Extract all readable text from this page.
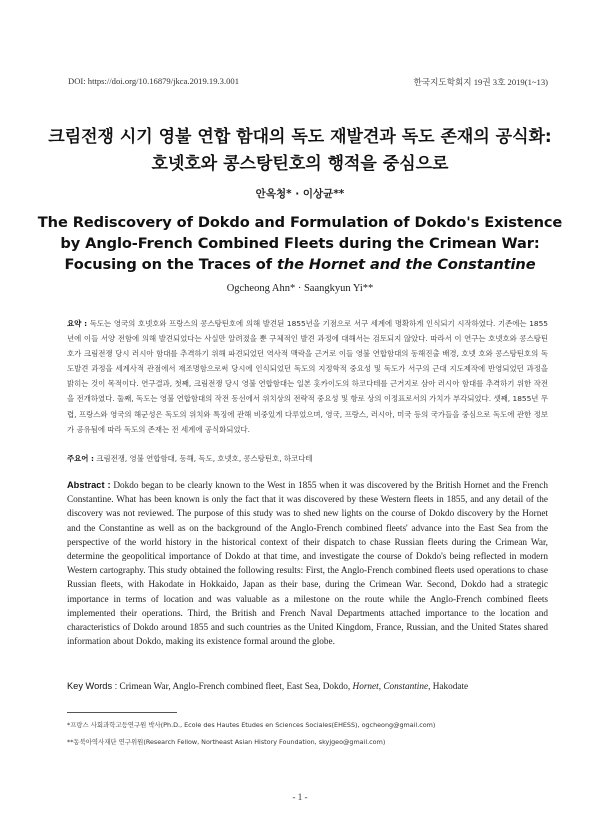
DOI: https://doi.org/10.16879/jkca.2019.19.3.001	한국지도학회지 19권 3호 2019(1~13)
크림전쟁 시기 영불 연합 함대의 독도 재발견과 독도 존재의 공식화:
호넷호와 콩스탕틴호의 행적을 중심으로
안옥청* · 이상균**
The Rediscovery of Dokdo and Formulation of Dokdo's Existence
by Anglo-French Combined Fleets during the Crimean War:
Focusing on the Traces of the Hornet and the Constantine
Ogcheong Ahn* · Saangkyun Yi**
요약 : 독도는 영국의 호넷호와 프랑스의 콩스탕틴호에 의해 발견된 1855년을 기점으로 서구 세계에 명확하게 인식되기 시작하였다. 기존에는 1855년에 이들 서양 전함에 의해 발견되었다는 사실만 알려졌을 뿐 구체적인 발견 과정에 대해서는 검토되지 않았다. 따라서 이 연구는 호넷호와 콩스탕틴호가 크림전쟁 당시 러시아 함대를 추격하기 위해 파견되었던 역사적 맥락을 근거로 이들 영불 연합함대의 동해진출 배경, 호넷 호와 콩스탕틴호의 독도발견 과정을 세계사적 관점에서 재조명함으로써 당시에 인식되었던 독도의 지정학적 중요성 및 독도가 서구의 근대 지도제작에 반영되었던 과정을 밝히는 것이 목적이다. 연구결과, 첫째, 크림전쟁 당시 영불 연합함대는 일본 홋카이도의 하코다테를 근거지로 삼아 러시아 함대를 추격하기 위한 작전을 전개하였다. 둘째, 독도는 영불 연합함대의 작전 동선에서 위치상의 전략적 중요성 및 항로 상의 이정표로서의 가치가 부각되었다. 셋째, 1855년 무렵, 프랑스와 영국의 해군성은 독도의 위치와 특징에 관해 비중있게 다루었으며, 영국, 프랑스, 러시아, 미국 등의 국가들을 중심으로 독도에 관한 정보가 공유됨에 따라 독도의 존재는 전 세계에 공식화되었다.
주요어 : 크림전쟁, 영불 연합함대, 동해, 독도, 호넷호, 콩스탕틴호, 하코다테
Abstract : Dokdo began to be clearly known to the West in 1855 when it was discovered by the British Hornet and the French Constantine. What has been known is only the fact that it was discovered by these Western fleets in 1855, and any detail of the discovery was not reviewed. The purpose of this study was to shed new lights on the course of Dokdo discovery by the Hornet and the Constantine as well as on the background of the Anglo-French combined fleets' advance into the East Sea from the perspective of the world history in the historical context of their dispatch to chase Russian fleets during the Crimean War, determine the geopolitical importance of Dokdo at that time, and investigate the course of Dokdo's being reflected in modern Western cartography. This study obtained the following results: First, the Anglo-French combined fleets used operations to chase Russian fleets, with Hakodate in Hokkaido, Japan as their base, during the Crimean War. Second, Dokdo had a strategic importance in terms of location and was valuable as a milestone on the route while the Anglo-French combined fleets implemented their operations. Third, the British and French Naval Departments attached importance to the location and characteristics of Dokdo around 1855 and such countries as the United Kingdom, France, Russian, and the United States shared information about Dokdo, making its existence formal around the globe.
Key Words : Crimean War, Anglo-French combined fleet, East Sea, Dokdo, Hornet, Constantine, Hakodate
*프랑스 사회과학고등연구원 박사(Ph.D., Ecole des Hautes Etudes en Sciences Sociales(EHESS), ogcheong@gmail.com)
**동북아역사재단 연구위원(Research Fellow, Northeast Asian History Foundation, skyjgeo@gmail.com)
- 1 -
